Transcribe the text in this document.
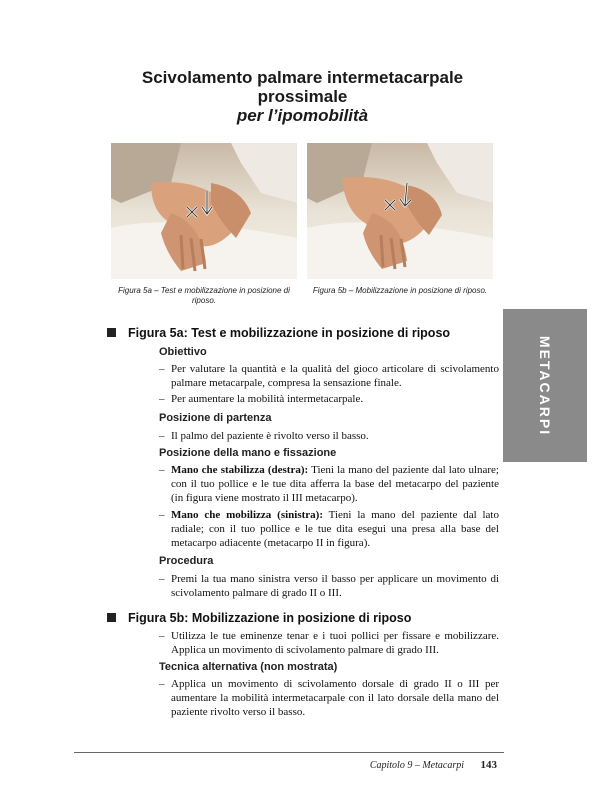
Scivolamento palmare intermetacarpale
prossimale
per l’ipomobilità
Figura 5a – Test e mobilizzazione in posizione di riposo.
Figura 5b – Mobilizzazione in posizione di riposo.
METACARPI
Figura 5a: Test e mobilizzazione in posizione di riposo
Obiettivo
– Per valutare la quantità e la qualità del gioco articolare di scivolamento palmare metacarpale, compresa la sensazione finale.
– Per aumentare la mobilità intermetacarpale.
Posizione di partenza
– Il palmo del paziente è rivolto verso il basso.
Posizione della mano e fissazione
– Mano che stabilizza (destra): Tieni la mano del paziente dal lato ulnare; con il tuo pollice e le tue dita afferra la base del metacarpo del paziente (in figura viene mostrato il III metacarpo).
– Mano che mobilizza (sinistra): Tieni la mano del paziente dal lato radiale; con il tuo pollice e le tue dita esegui una presa alla base del metacarpo adiacente (metacarpo II in figura).
Procedura
– Premi la tua mano sinistra verso il basso per applicare un movimento di scivolamento palmare di grado II o III.
Figura 5b: Mobilizzazione in posizione di riposo
– Utilizza le tue eminenze tenar e i tuoi pollici per fissare e mobilizzare. Applica un movimento di scivolamento palmare di grado III.
Tecnica alternativa (non mostrata)
– Applica un movimento di scivolamento dorsale di grado II o III per aumentare la mobilità intermetacarpale con il lato dorsale della mano del paziente rivolto verso il basso.
Capitolo 9 – Metacarpi 143
